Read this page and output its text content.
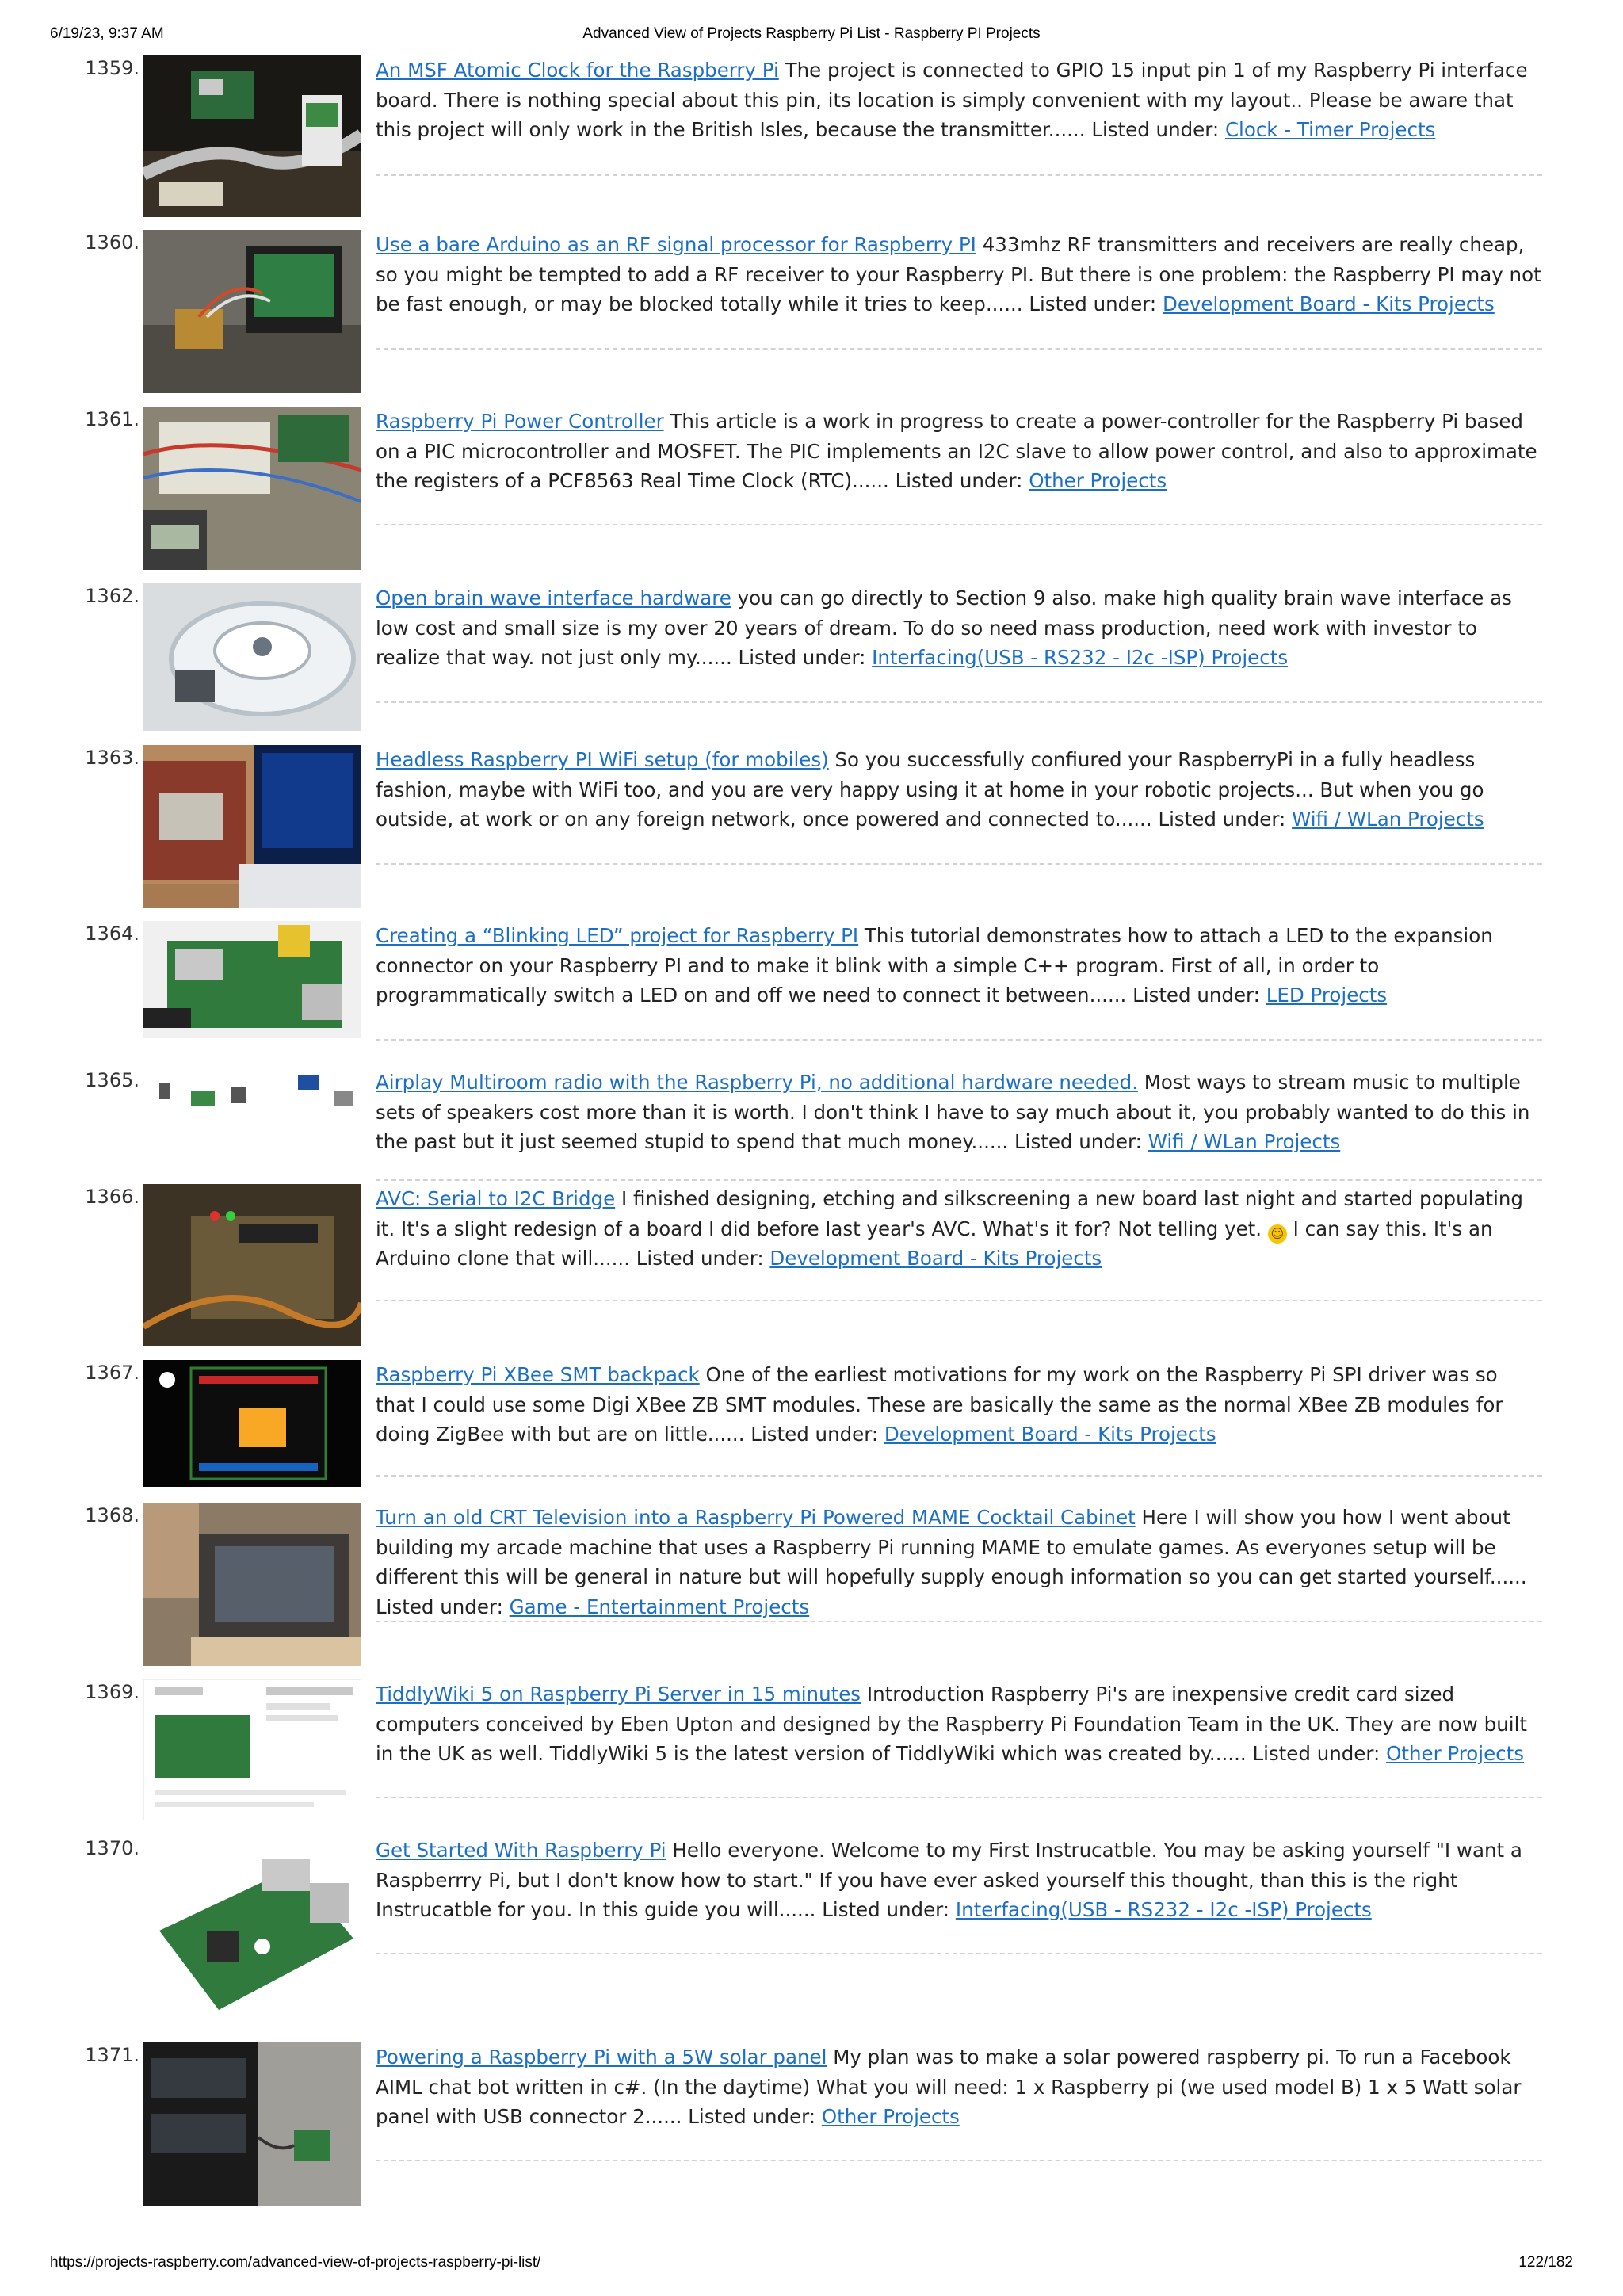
6/19/23, 9:37 AM	Advanced View of Projects Raspberry Pi List - Raspberry PI Projects
1359.	An MSF Atomic Clock for the Raspberry Pi The project is connected to GPIO 15 input pin 1 of my Raspberry Pi interface board. There is nothing special about this pin, its location is simply convenient with my layout.. Please be aware that this project will only work in the British Isles, because the transmitter...... Listed under: Clock - Timer Projects
1360.	Use a bare Arduino as an RF signal processor for Raspberry PI 433mhz RF transmitters and receivers are really cheap, so you might be tempted to add a RF receiver to your Raspberry PI. But there is one problem: the Raspberry PI may not be fast enough, or may be blocked totally while it tries to keep...... Listed under: Development Board - Kits Projects
1361.	Raspberry Pi Power Controller This article is a work in progress to create a power-controller for the Raspberry Pi based on a PIC microcontroller and MOSFET. The PIC implements an I2C slave to allow power control, and also to approximate the registers of a PCF8563 Real Time Clock (RTC)...... Listed under: Other Projects
1362.	Open brain wave interface hardware you can go directly to Section 9 also. make high quality brain wave interface as low cost and small size is my over 20 years of dream. To do so need mass production, need work with investor to realize that way. not just only my...... Listed under: Interfacing(USB - RS232 - I2c -ISP) Projects
1363.	Headless Raspberry PI WiFi setup (for mobiles) So you successfully confiured your RaspberryPi in a fully headless fashion, maybe with WiFi too, and you are very happy using it at home in your robotic projects... But when you go outside, at work or on any foreign network, once powered and connected to...... Listed under: Wifi / WLan Projects
1364.	Creating a “Blinking LED” project for Raspberry PI This tutorial demonstrates how to attach a LED to the expansion connector on your Raspberry PI and to make it blink with a simple C++ program. First of all, in order to programmatically switch a LED on and off we need to connect it between...... Listed under: LED Projects
1365.	Airplay Multiroom radio with the Raspberry Pi, no additional hardware needed. Most ways to stream music to multiple sets of speakers cost more than it is worth. I don't think I have to say much about it, you probably wanted to do this in the past but it just seemed stupid to spend that much money...... Listed under: Wifi / WLan Projects
1366.	AVC: Serial to I2C Bridge I finished designing, etching and silkscreening a new board last night and started populating it. It's a slight redesign of a board I did before last year's AVC. What's it for? Not telling yet. ☺ I can say this. It's an Arduino clone that will...... Listed under: Development Board - Kits Projects
1367.	Raspberry Pi XBee SMT backpack One of the earliest motivations for my work on the Raspberry Pi SPI driver was so that I could use some Digi XBee ZB SMT modules. These are basically the same as the normal XBee ZB modules for doing ZigBee with but are on little...... Listed under: Development Board - Kits Projects
1368.	Turn an old CRT Television into a Raspberry Pi Powered MAME Cocktail Cabinet Here I will show you how I went about building my arcade machine that uses a Raspberry Pi running MAME to emulate games. As everyones setup will be different this will be general in nature but will hopefully supply enough information so you can get started yourself...... Listed under: Game - Entertainment Projects
1369.	TiddlyWiki 5 on Raspberry Pi Server in 15 minutes Introduction Raspberry Pi's are inexpensive credit card sized computers conceived by Eben Upton and designed by the Raspberry Pi Foundation Team in the UK. They are now built in the UK as well. TiddlyWiki 5 is the latest version of TiddlyWiki which was created by...... Listed under: Other Projects
1370.	Get Started With Raspberry Pi Hello everyone. Welcome to my First Instrucatble. You may be asking yourself "I want a Raspberrry Pi, but I don't know how to start." If you have ever asked yourself this thought, than this is the right Instrucatble for you. In this guide you will...... Listed under: Interfacing(USB - RS232 - I2c -ISP) Projects
1371.	Powering a Raspberry Pi with a 5W solar panel My plan was to make a solar powered raspberry pi. To run a Facebook AIML chat bot written in c#. (In the daytime) What you will need: 1 x Raspberry pi (we used model B) 1 x 5 Watt solar panel with USB connector 2...... Listed under: Other Projects
https://projects-raspberry.com/advanced-view-of-projects-raspberry-pi-list/	122/182
